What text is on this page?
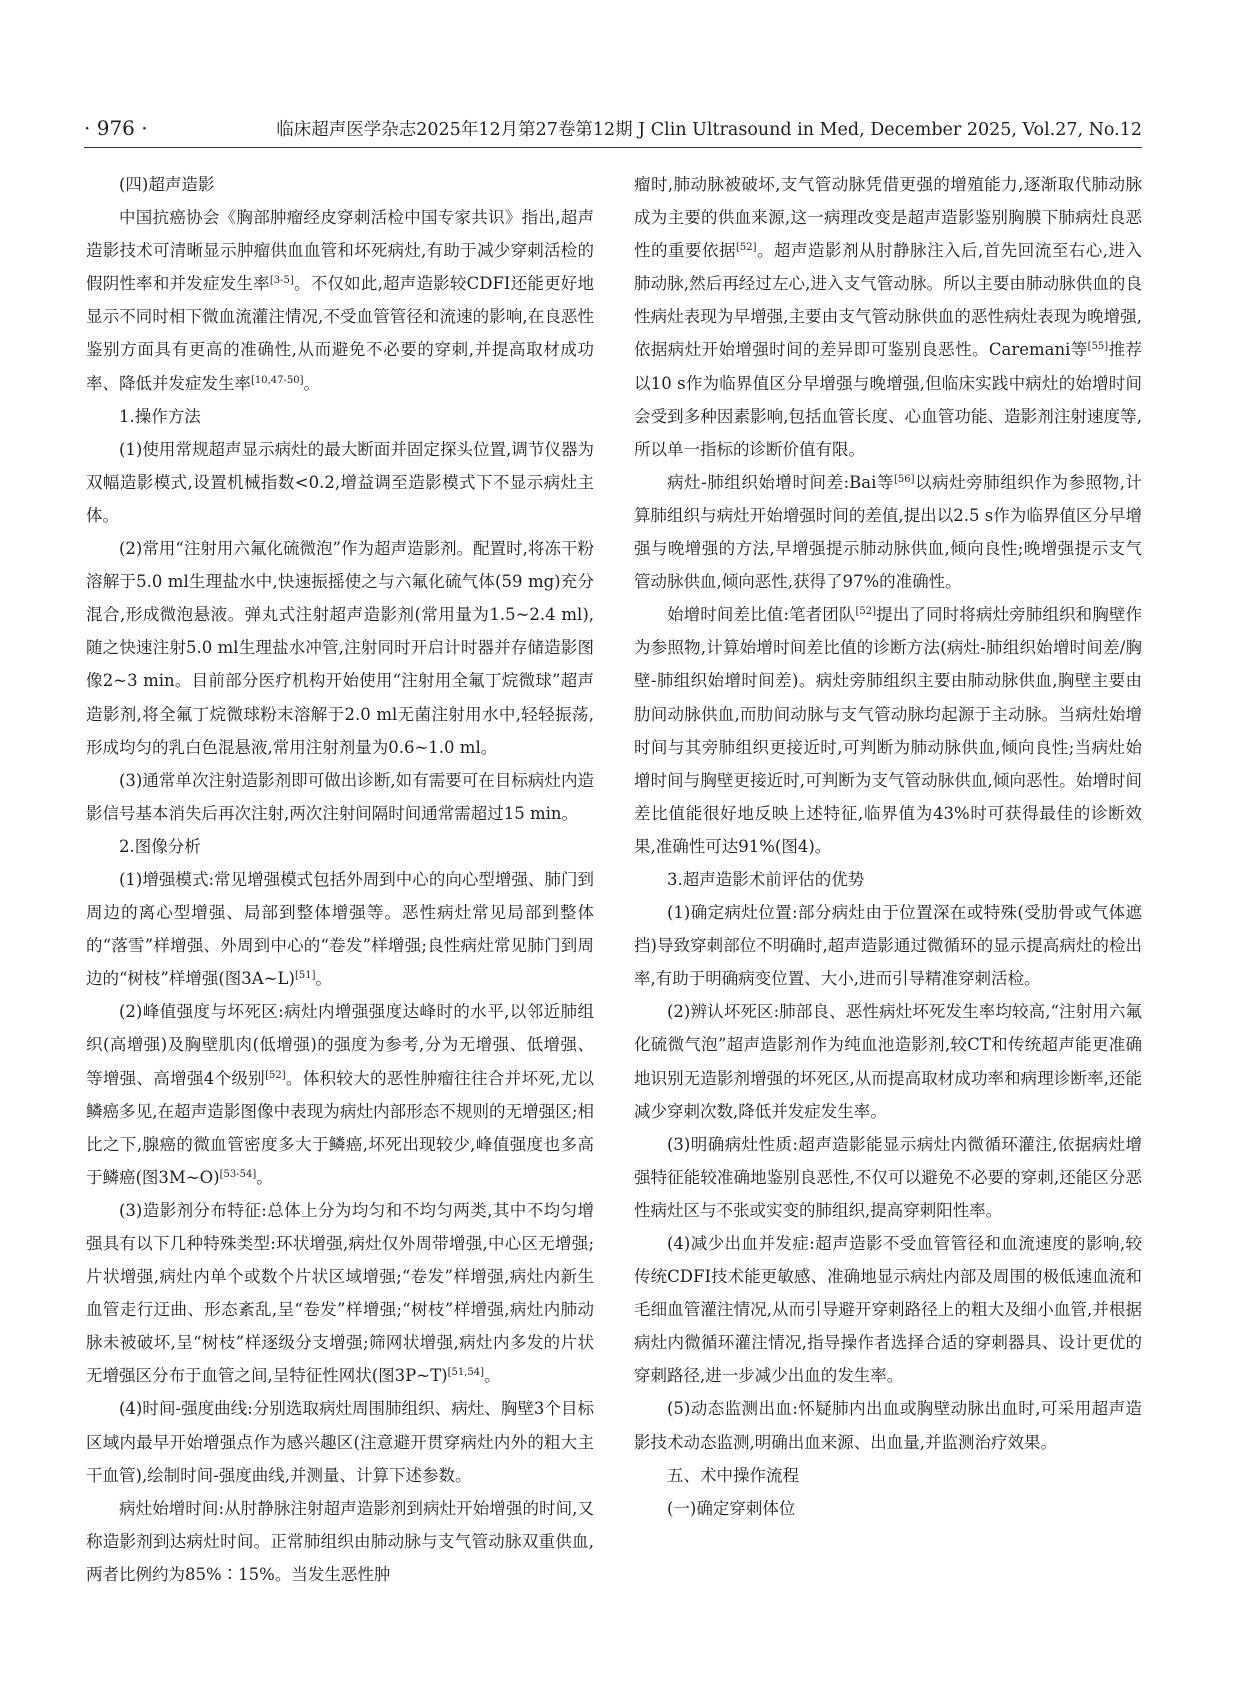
· 976 ·	临床超声医学杂志2025年12月第27卷第12期 J Clin Ultrasound in Med, December 2025, Vol.27, No.12

(四)超声造影

中国抗癌协会《胸部肿瘤经皮穿刺活检中国专家共识》指出,超声造影技术可清晰显示肿瘤供血血管和坏死病灶,有助于减少穿刺活检的假阴性率和并发症发生率[3-5]。不仅如此,超声造影较CDFI还能更好地显示不同时相下微血流灌注情况,不受血管管径和流速的影响,在良恶性鉴别方面具有更高的准确性,从而避免不必要的穿刺,并提高取材成功率、降低并发症发生率[10,47-50]。

1.操作方法

(1)使用常规超声显示病灶的最大断面并固定探头位置,调节仪器为双幅造影模式,设置机械指数<0.2,增益调至造影模式下不显示病灶主体。

(2)常用“注射用六氟化硫微泡”作为超声造影剂。配置时,将冻干粉溶解于5.0 ml生理盐水中,快速振摇使之与六氟化硫气体(59 mg)充分混合,形成微泡悬液。弹丸式注射超声造影剂(常用量为1.5~2.4 ml),随之快速注射5.0 ml生理盐水冲管,注射同时开启计时器并存储造影图像2~3 min。目前部分医疗机构开始使用“注射用全氟丁烷微球”超声造影剂,将全氟丁烷微球粉末溶解于2.0 ml无菌注射用水中,轻轻振荡,形成均匀的乳白色混悬液,常用注射剂量为0.6~1.0 ml。

(3)通常单次注射造影剂即可做出诊断,如有需要可在目标病灶内造影信号基本消失后再次注射,两次注射间隔时间通常需超过15 min。

2.图像分析

(1)增强模式:常见增强模式包括外周到中心的向心型增强、肺门到周边的离心型增强、局部到整体增强等。恶性病灶常见局部到整体的“落雪”样增强、外周到中心的“卷发”样增强;良性病灶常见肺门到周边的“树枝”样增强(图3A~L)[51]。

(2)峰值强度与坏死区:病灶内增强强度达峰时的水平,以邻近肺组织(高增强)及胸壁肌肉(低增强)的强度为参考,分为无增强、低增强、等增强、高增强4个级别[52]。体积较大的恶性肿瘤往往合并坏死,尤以鳞癌多见,在超声造影图像中表现为病灶内部形态不规则的无增强区;相比之下,腺癌的微血管密度多大于鳞癌,坏死出现较少,峰值强度也多高于鳞癌(图3M~O)[53-54]。

(3)造影剂分布特征:总体上分为均匀和不均匀两类,其中不均匀增强具有以下几种特殊类型:环状增强,病灶仅外周带增强,中心区无增强;片状增强,病灶内单个或数个片状区域增强;“卷发”样增强,病灶内新生血管走行迂曲、形态紊乱,呈“卷发”样增强;“树枝”样增强,病灶内肺动脉未被破坏,呈“树枝”样逐级分支增强;筛网状增强,病灶内多发的片状无增强区分布于血管之间,呈特征性网状(图3P~T)[51,54]。

(4)时间-强度曲线:分别选取病灶周围肺组织、病灶、胸壁3个目标区域内最早开始增强点作为感兴趣区(注意避开贯穿病灶内外的粗大主干血管),绘制时间-强度曲线,并测量、计算下述参数。

病灶始增时间:从肘静脉注射超声造影剂到病灶开始增强的时间,又称造影剂到达病灶时间。正常肺组织由肺动脉与支气管动脉双重供血,两者比例约为85%∶15%。当发生恶性肿

瘤时,肺动脉被破坏,支气管动脉凭借更强的增殖能力,逐渐取代肺动脉成为主要的供血来源,这一病理改变是超声造影鉴别胸膜下肺病灶良恶性的重要依据[52]。超声造影剂从肘静脉注入后,首先回流至右心,进入肺动脉,然后再经过左心,进入支气管动脉。所以主要由肺动脉供血的良性病灶表现为早增强,主要由支气管动脉供血的恶性病灶表现为晚增强,依据病灶开始增强时间的差异即可鉴别良恶性。Caremani等[55]推荐以10 s作为临界值区分早增强与晚增强,但临床实践中病灶的始增时间会受到多种因素影响,包括血管长度、心血管功能、造影剂注射速度等,所以单一指标的诊断价值有限。

病灶-肺组织始增时间差:Bai等[56]以病灶旁肺组织作为参照物,计算肺组织与病灶开始增强时间的差值,提出以2.5 s作为临界值区分早增强与晚增强的方法,早增强提示肺动脉供血,倾向良性;晚增强提示支气管动脉供血,倾向恶性,获得了97%的准确性。

始增时间差比值:笔者团队[52]提出了同时将病灶旁肺组织和胸壁作为参照物,计算始增时间差比值的诊断方法(病灶-肺组织始增时间差/胸壁-肺组织始增时间差)。病灶旁肺组织主要由肺动脉供血,胸壁主要由肋间动脉供血,而肋间动脉与支气管动脉均起源于主动脉。当病灶始增时间与其旁肺组织更接近时,可判断为肺动脉供血,倾向良性;当病灶始增时间与胸壁更接近时,可判断为支气管动脉供血,倾向恶性。始增时间差比值能很好地反映上述特征,临界值为43%时可获得最佳的诊断效果,准确性可达91%(图4)。

3.超声造影术前评估的优势

(1)确定病灶位置:部分病灶由于位置深在或特殊(受肋骨或气体遮挡)导致穿刺部位不明确时,超声造影通过微循环的显示提高病灶的检出率,有助于明确病变位置、大小,进而引导精准穿刺活检。

(2)辨认坏死区:肺部良、恶性病灶坏死发生率均较高,“注射用六氟化硫微气泡”超声造影剂作为纯血池造影剂,较CT和传统超声能更准确地识别无造影剂增强的坏死区,从而提高取材成功率和病理诊断率,还能减少穿刺次数,降低并发症发生率。

(3)明确病灶性质:超声造影能显示病灶内微循环灌注,依据病灶增强特征能较准确地鉴别良恶性,不仅可以避免不必要的穿刺,还能区分恶性病灶区与不张或实变的肺组织,提高穿刺阳性率。

(4)减少出血并发症:超声造影不受血管管径和血流速度的影响,较传统CDFI技术能更敏感、准确地显示病灶内部及周围的极低速血流和毛细血管灌注情况,从而引导避开穿刺路径上的粗大及细小血管,并根据病灶内微循环灌注情况,指导操作者选择合适的穿刺器具、设计更优的穿刺路径,进一步减少出血的发生率。

(5)动态监测出血:怀疑肺内出血或胸壁动脉出血时,可采用超声造影技术动态监测,明确出血来源、出血量,并监测治疗效果。

五、术中操作流程

(一)确定穿刺体位
